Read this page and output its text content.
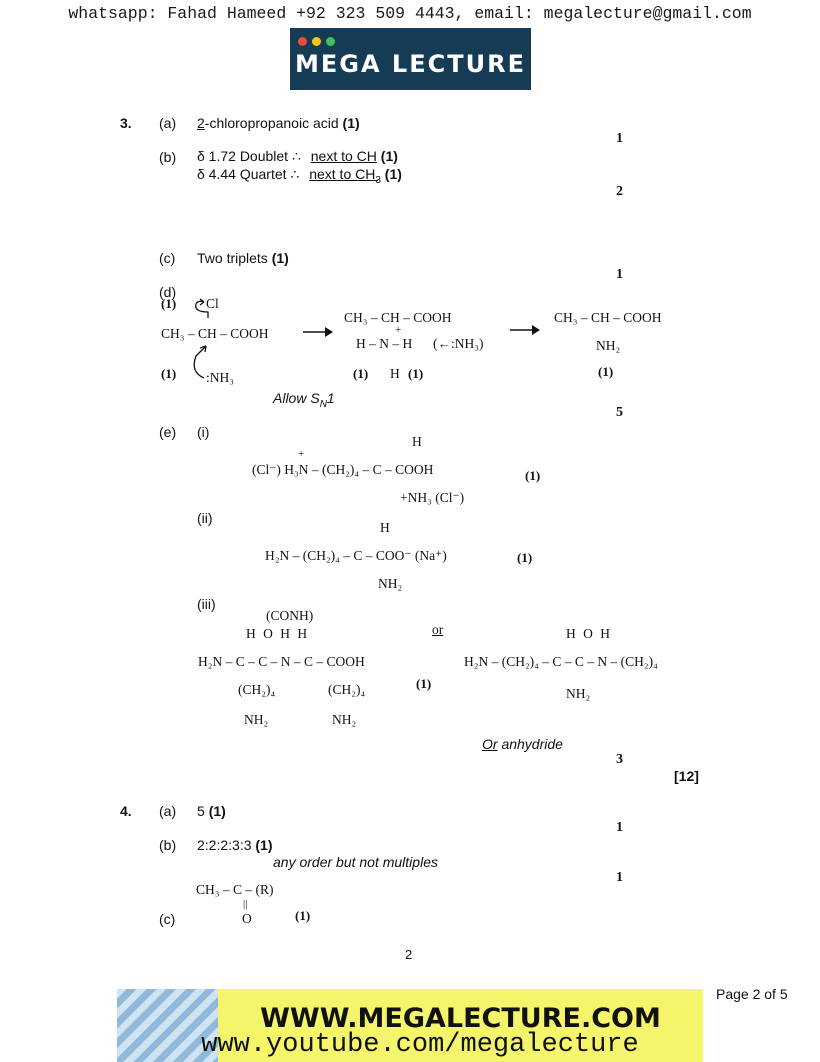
whatsapp: Fahad Hameed +92 323 509 4443, email: megalecture@gmail.com
MEGA LECTURE
3. (a) 2-chloropropanoic acid (1)
1
(b) δ 1.72 Doublet ∴ next to CH (1)
δ 4.44 Quartet ∴ next to $CH_3$ (1)
2
(c) Two triplets (1)
1
(d)
(1) Cl
CH₃ – CH – COOH
:NH₃
(1)
CH₃ – CH – COOH
+
H – N – H (←:NH₃)
(1) H (1)
CH₃ – CH – COOH
NH₂
(1)
Allow $S_N1$
5
(e) (i)
H
+
(Cl⁻) H₃N – (CH₂)₄ – C – COOH
+NH₃ (Cl⁻)
(1)
(ii)
H
H₂N – (CH₂)₄ – C – COO⁻ (Na⁺)
NH₂
(1)
(iii)
(CONH)
H O H H
H₂N – C – C – N – C – COOH
(CH₂)₄	(CH₂)₄
NH₂	NH₂
(1)
or	H O H
H₂N – (CH₂)₄ – C – C – N – (CH₂)₄
NH₂
Or anhydride
3
[12]
4. (a) 5 (1)
1
(b) 2:2:2:3:3 (1)
any order but not multiples
1
(c)
CH₃ – C – (R)
||
O	(1)
2
Page 2 of 5
WWW.MEGALECTURE.COM
www.youtube.com/megalecture
